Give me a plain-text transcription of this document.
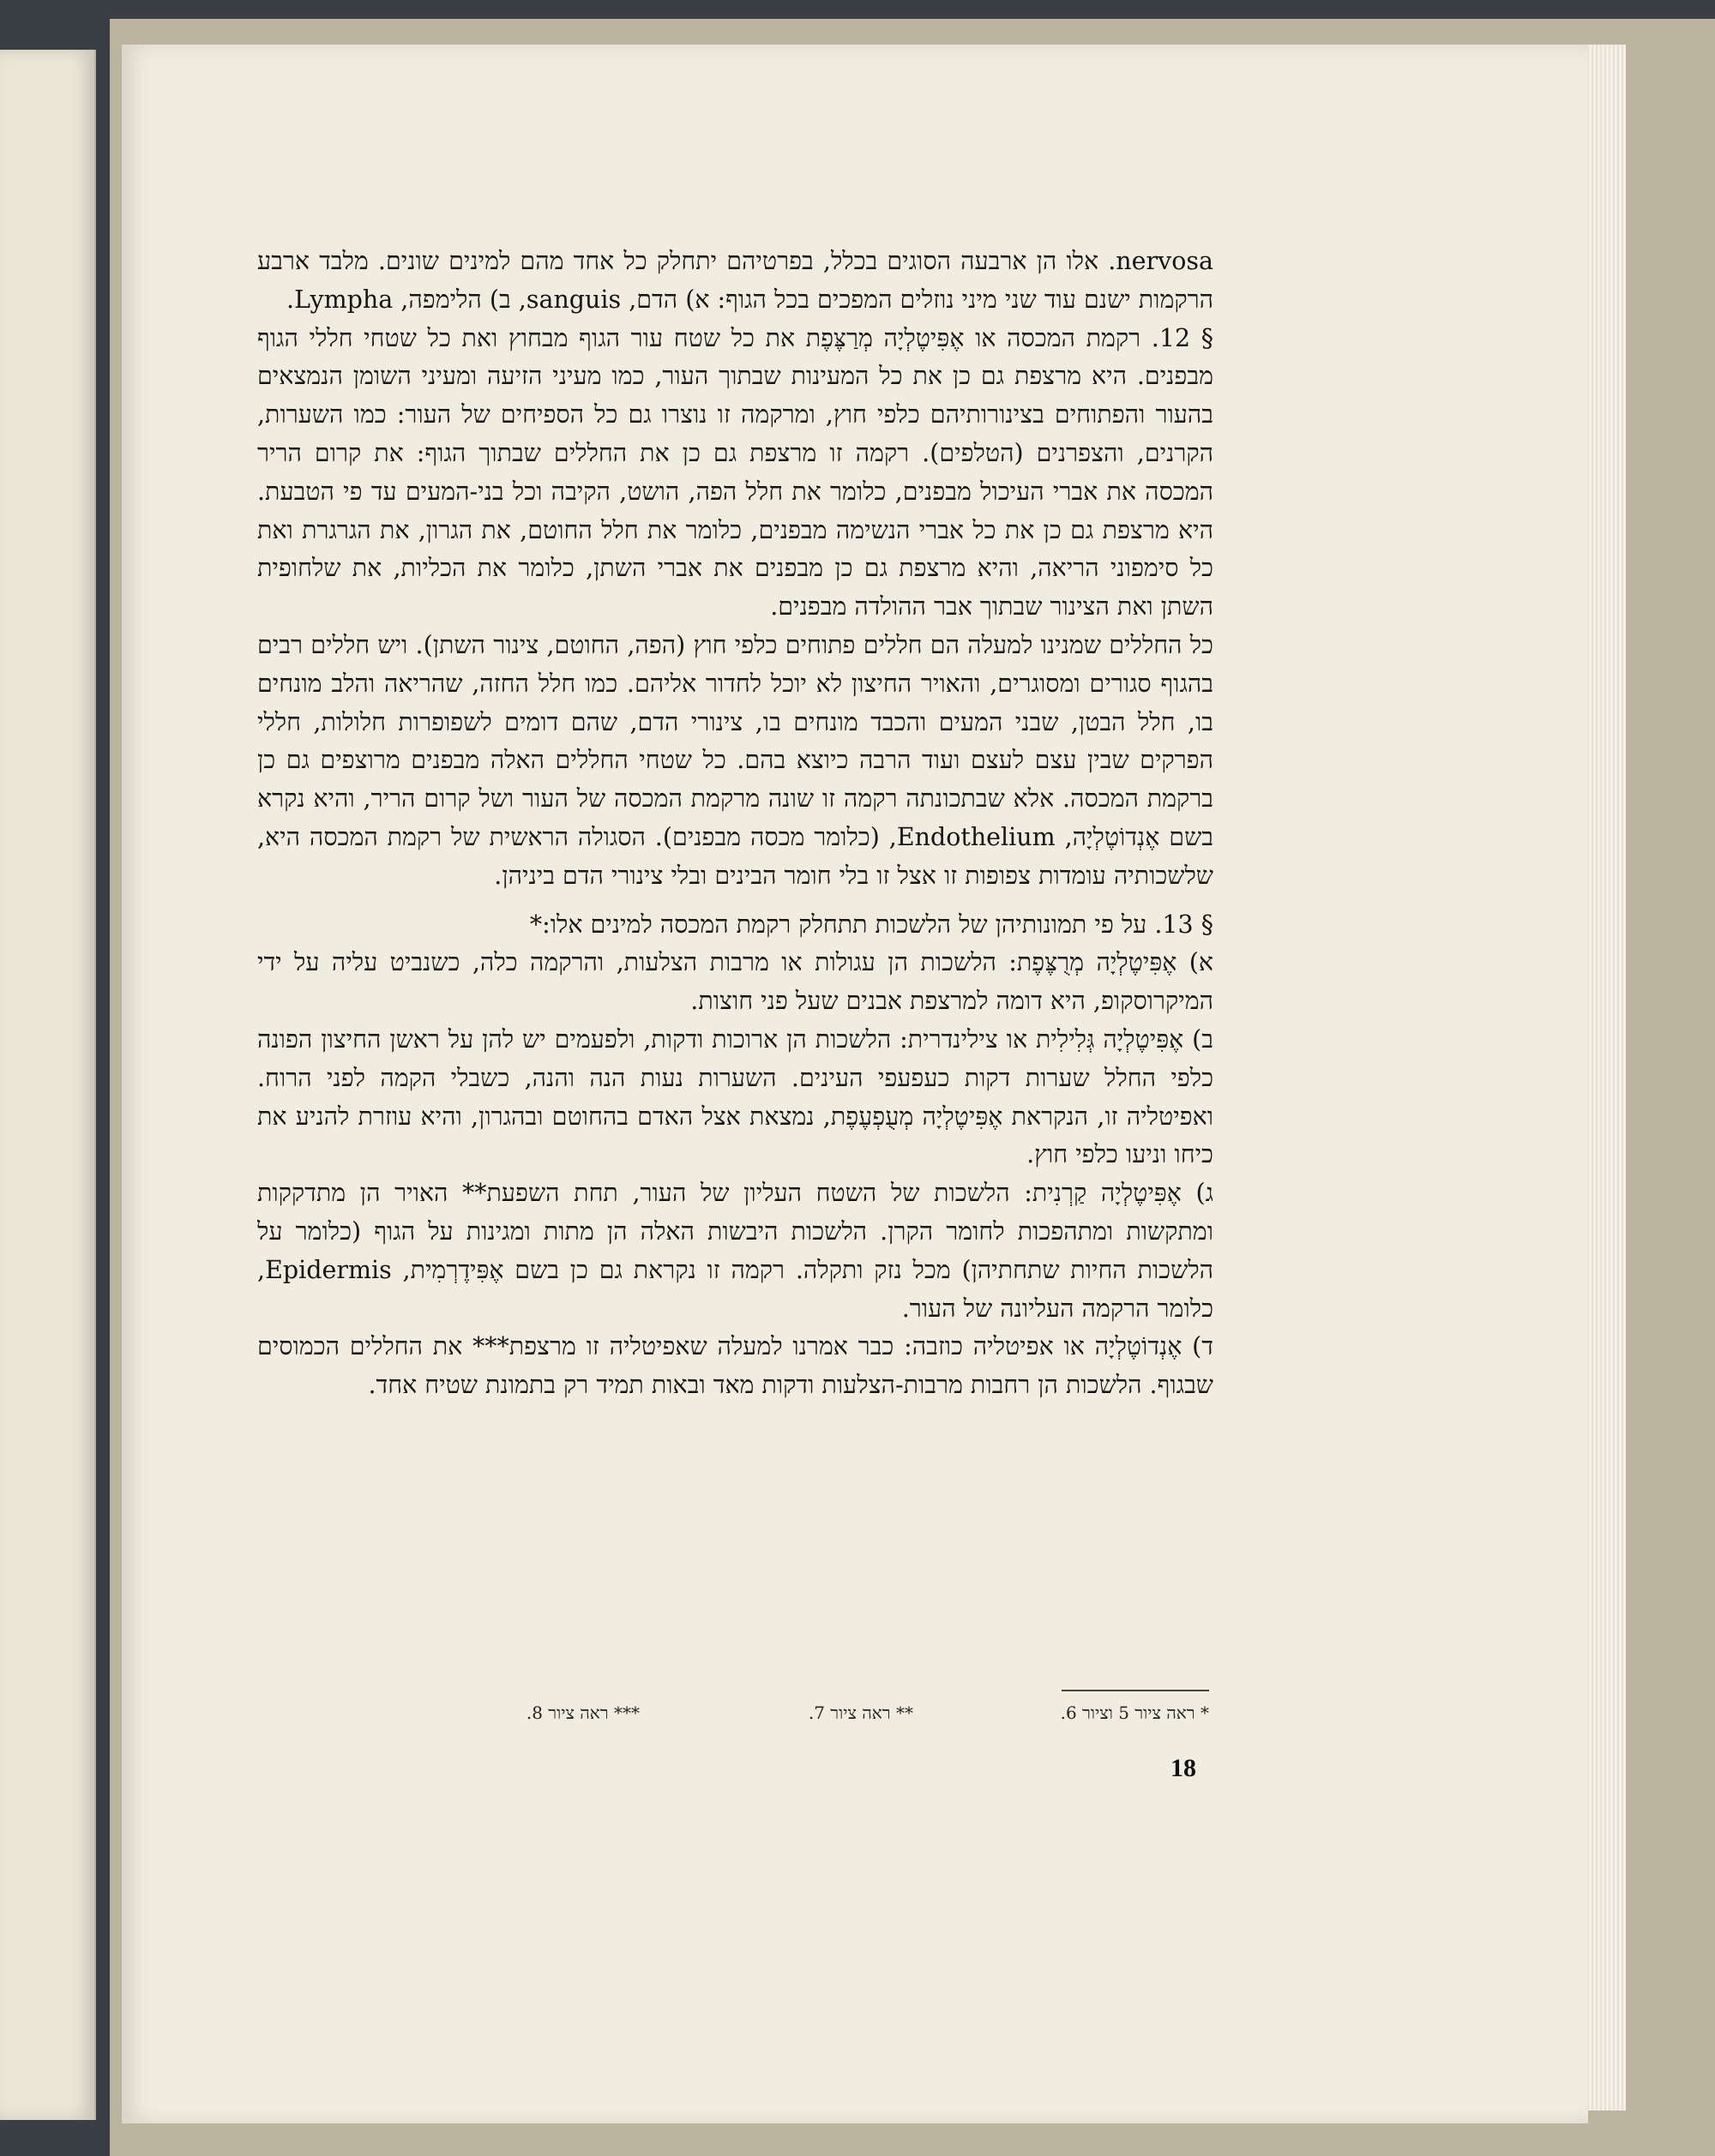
nervosa. אלו הן ארבעה הסוגים בכלל, בפרטיהם יתחלק כל אחד מהם למינים שונים. מלבד ארבע הרקמות ישנם עוד שני מיני נוזלים המפכים בכל הגוף: א) הדם, sanguis, ב) הלימפה, Lympha.

§ 12. רקמת המכסה או אֶפִּיטֶלְיָה מְרַצֶּפֶת את כל שטח עור הגוף מבחוץ ואת כל שטחי חללי הגוף מבפנים. היא מרצפת גם כן את כל המעינות שבתוך העור, כמו מעיני הזיעה ומעיני השומן הנמצאים בהעור והפתוחים בצינורותיהם כלפי חוץ, ומרקמה זו נוצרו גם כל הספיחים של העור: כמו השערות, הקרנים, והצפרנים (הטלפים). רקמה זו מרצפת גם כן את החללים שבתוך הגוף: את קרום הריר המכסה את אברי העיכול מבפנים, כלומר את חלל הפה, הושט, הקיבה וכל בני-המעים עד פי הטבעת. היא מרצפת גם כן את כל אברי הנשימה מבפנים, כלומר את חלל החוטם, את הגרון, את הגרגרת ואת כל סימפוני הריאה, והיא מרצפת גם כן מבפנים את אברי השתן, כלומר את הכליות, את שלחופית השתן ואת הצינור שבתוך אבר ההולדה מבפנים.

כל החללים שמנינו למעלה הם חללים פתוחים כלפי חוץ (הפה, החוטם, צינור השתן). ויש חללים רבים בהגוף סגורים ומסוגרים, והאויר החיצון לא יוכל לחדור אליהם. כמו חלל החזה, שהריאה והלב מונחים בו, חלל הבטן, שבני המעים והכבד מונחים בו, צינורי הדם, שהם דומים לשפופרות חלולות, חללי הפרקים שבין עצם לעצם ועוד הרבה כיוצא בהם. כל שטחי החללים האלה מבפנים מרוצפים גם כן ברקמת המכסה. אלא שבתכונתה רקמה זו שונה מרקמת המכסה של העור ושל קרום הריר, והיא נקרא בשם אֶנְדוֹטֶלְיָה, Endothelium, (כלומר מכסה מבפנים). הסגולה הראשית של רקמת המכסה היא, שלשכותיה עומדות צפופות זו אצל זו בלי חומר הבינים ובלי צינורי הדם ביניהן.

§ 13. על פי תמונותיהן של הלשכות תתחלק רקמת המכסה למינים אלו:*

א) אֶפִּיטֶלְיָה מְרֻצֶּפֶת: הלשכות הן עגולות או מרבות הצלעות, והרקמה כלה, כשנביט עליה על ידי המיקרוסקופ, היא דומה למרצפת אבנים שעל פני חוצות.

ב) אֶפִּיטֶלְיָה גְּלִילִית או צילינדרית: הלשכות הן ארוכות ודקות, ולפעמים יש להן על ראשן החיצון הפונה כלפי החלל שערות דקות כעפעפי העינים. השערות נעות הנה והנה, כשבלי הקמה לפני הרוח. ואפיטליה זו, הנקראת אֶפִּיטֶלְיָה מְעֻפְעֶפֶת, נמצאת אצל האדם בהחוטם ובהגרון, והיא עוזרת להניע את כיחו וניעו כלפי חוץ.

ג) אֶפִּיטֶלְיָה קַרְנִית: הלשכות של השטח העליון של העור, תחת השפעת** האויר הן מתדקקות ומתקשות ומתהפכות לחומר הקרן. הלשכות היבשות האלה הן מתות ומגינות על הגוף (כלומר על הלשכות החיות שתחתיהן) מכל נזק ותקלה. רקמה זו נקראת גם כן בשם אֶפִּידֶרְמִית, Epidermis, כלומר הרקמה העליונה של העור.

ד) אֶנְדוֹטֶלְיָה או אפיטליה כוזבה: כבר אמרנו למעלה שאפיטליה זו מרצפת*** את החללים הכמוסים שבגוף. הלשכות הן רחבות מרבות-הצלעות ודקות מאד ובאות תמיד רק בתמונת שטיח אחד.

* ראה ציור 5 וציור 6.
** ראה ציור 7.
*** ראה ציור 8.
18
